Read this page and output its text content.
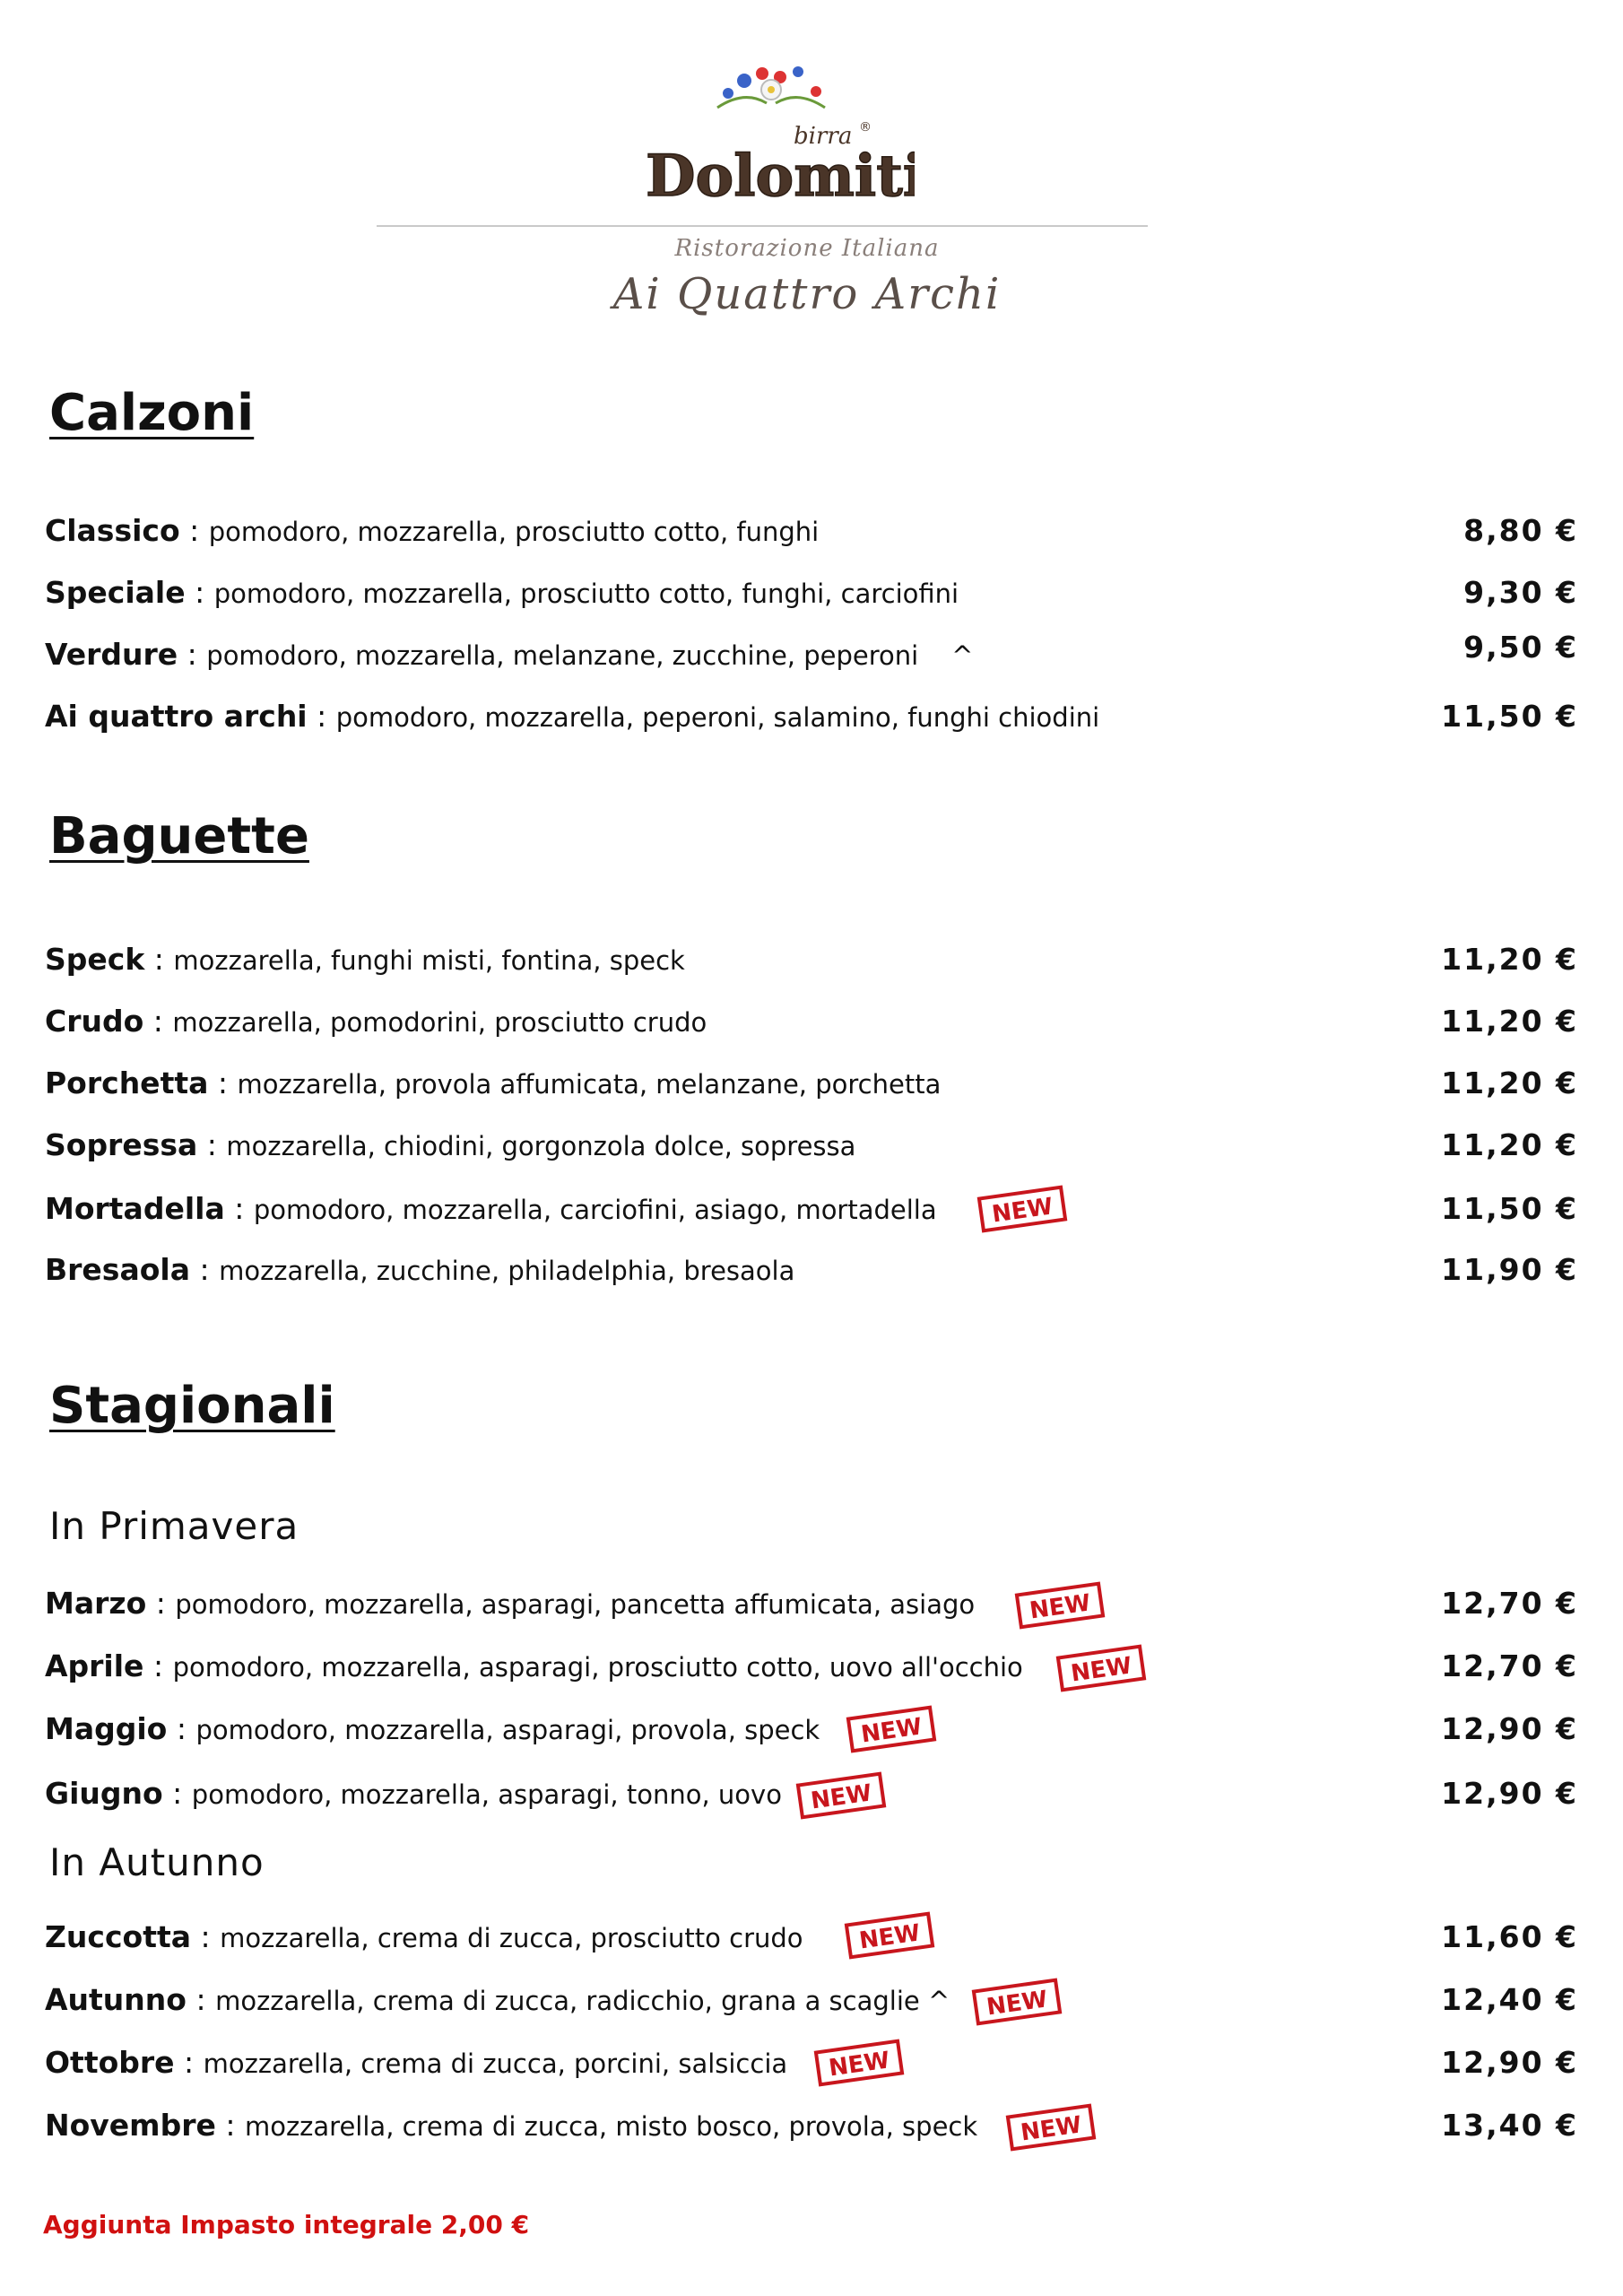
birra ®
Dolomiti
Ristorazione Italiana
Ai Quattro Archi
Calzoni
Classico : pomodoro, mozzarella, prosciutto cotto, funghi	8,80 €
Speciale : pomodoro, mozzarella, prosciutto cotto, funghi, carciofini	9,30 €
Verdure : pomodoro, mozzarella, melanzane, zucchine, peperoni    ^	9,50 €
Ai quattro archi : pomodoro, mozzarella, peperoni, salamino, funghi chiodini	11,50 €
Baguette
Speck : mozzarella, funghi misti, fontina, speck	11,20 €
Crudo : mozzarella, pomodorini, prosciutto crudo	11,20 €
Porchetta : mozzarella, provola affumicata, melanzane, porchetta	11,20 €
Sopressa : mozzarella, chiodini, gorgonzola dolce, sopressa	11,20 €
Mortadella : pomodoro, mozzarella, carciofini, asiago, mortadella	11,50 €
Bresaola : mozzarella, zucchine, philadelphia, bresaola	11,90 €
Stagionali
In Primavera
Marzo : pomodoro, mozzarella, asparagi, pancetta affumicata, asiago	12,70 €
Aprile : pomodoro, mozzarella, asparagi, prosciutto cotto, uovo all'occhio	12,70 €
Maggio : pomodoro, mozzarella, asparagi, provola, speck	12,90 €
Giugno : pomodoro, mozzarella, asparagi, tonno, uovo	12,90 €
In Autunno
Zuccotta : mozzarella, crema di zucca, prosciutto crudo	11,60 €
Autunno : mozzarella, crema di zucca, radicchio, grana a scaglie ^	12,40 €
Ottobre : mozzarella, crema di zucca, porcini, salsiccia	12,90 €
Novembre : mozzarella, crema di zucca, misto bosco, provola, speck	13,40 €
NEW
NEW
NEW
NEW
NEW
NEW
NEW
NEW
NEW
Aggiunta Impasto integrale 2,00 €
